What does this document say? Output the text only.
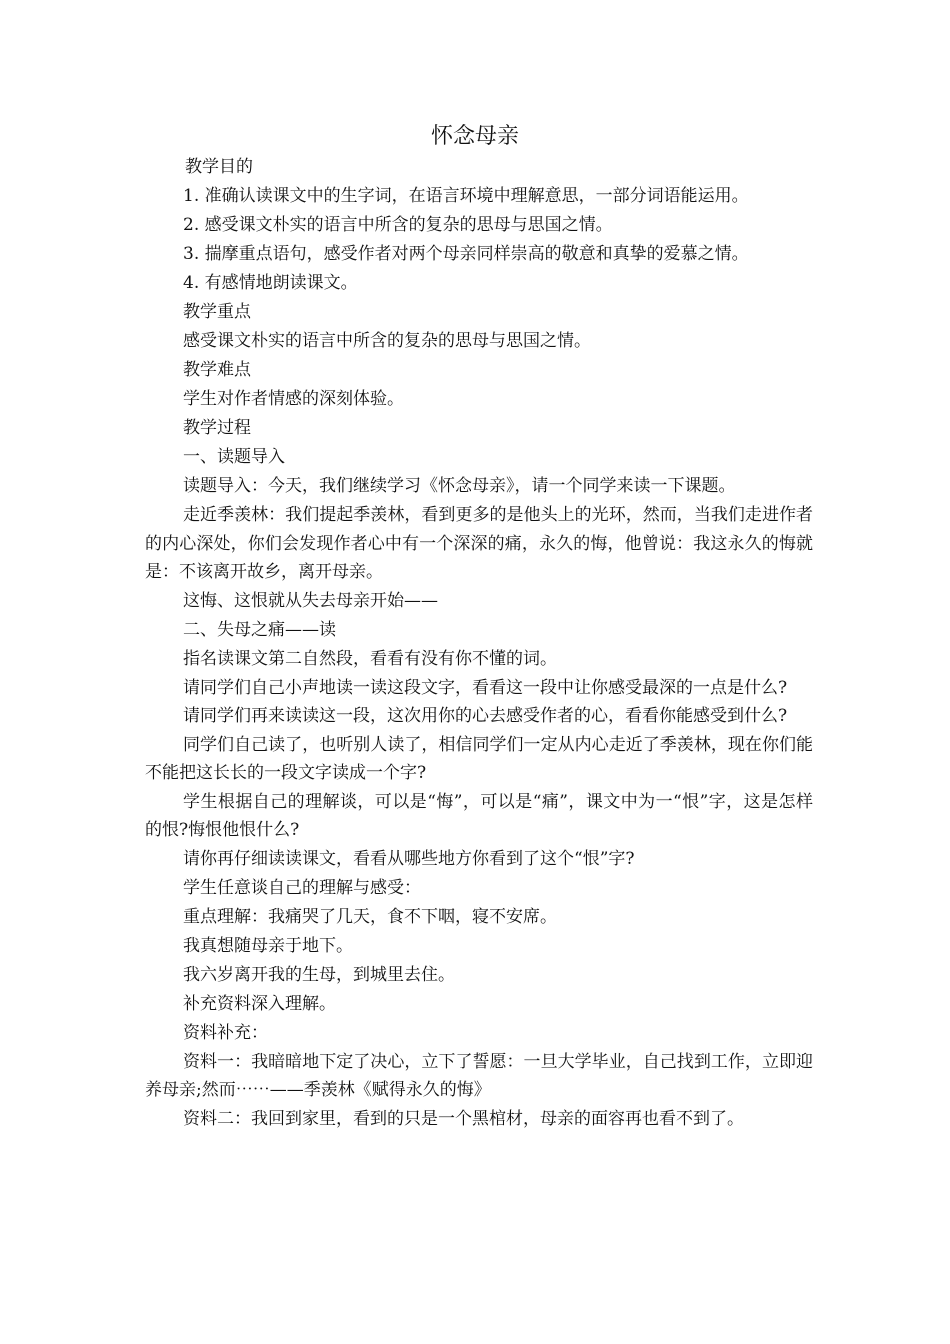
怀念母亲

教学目的

1. 准确认读课文中的生字词，在语言环境中理解意思，一部分词语能运用。

2. 感受课文朴实的语言中所含的复杂的思母与思国之情。

3. 揣摩重点语句，感受作者对两个母亲同样崇高的敬意和真挚的爱慕之情。

4. 有感情地朗读课文。

教学重点

感受课文朴实的语言中所含的复杂的思母与思国之情。

教学难点

学生对作者情感的深刻体验。

教学过程

一、读题导入

读题导入：今天，我们继续学习《怀念母亲》，请一个同学来读一下课题。

走近季羡林：我们提起季羡林，看到更多的是他头上的光环，然而，当我们走进作者的内心深处，你们会发现作者心中有一个深深的痛，永久的悔，他曾说：我这永久的悔就是：不该离开故乡，离开母亲。

这悔、这恨就从失去母亲开始——

二、失母之痛——读

指名读课文第二自然段，看看有没有你不懂的词。

请同学们自己小声地读一读这段文字，看看这一段中让你感受最深的一点是什么?

请同学们再来读读这一段，这次用你的心去感受作者的心，看看你能感受到什么?

同学们自己读了，也听别人读了，相信同学们一定从内心走近了季羡林，现在你们能不能把这长长的一段文字读成一个字?

学生根据自己的理解谈，可以是“悔”，可以是“痛”，课文中为一“恨”字，这是怎样的恨?悔恨他恨什么?

请你再仔细读读课文，看看从哪些地方你看到了这个“恨”字?

学生任意谈自己的理解与感受：

重点理解：我痛哭了几天，食不下咽，寝不安席。

我真想随母亲于地下。

我六岁离开我的生母，到城里去住。

补充资料深入理解。

资料补充：

资料一：我暗暗地下定了决心，立下了誓愿：一旦大学毕业，自己找到工作，立即迎养母亲;然而⋯⋯——季羡林《赋得永久的悔》

资料二：我回到家里，看到的只是一个黑棺材，母亲的面容再也看不到了。
